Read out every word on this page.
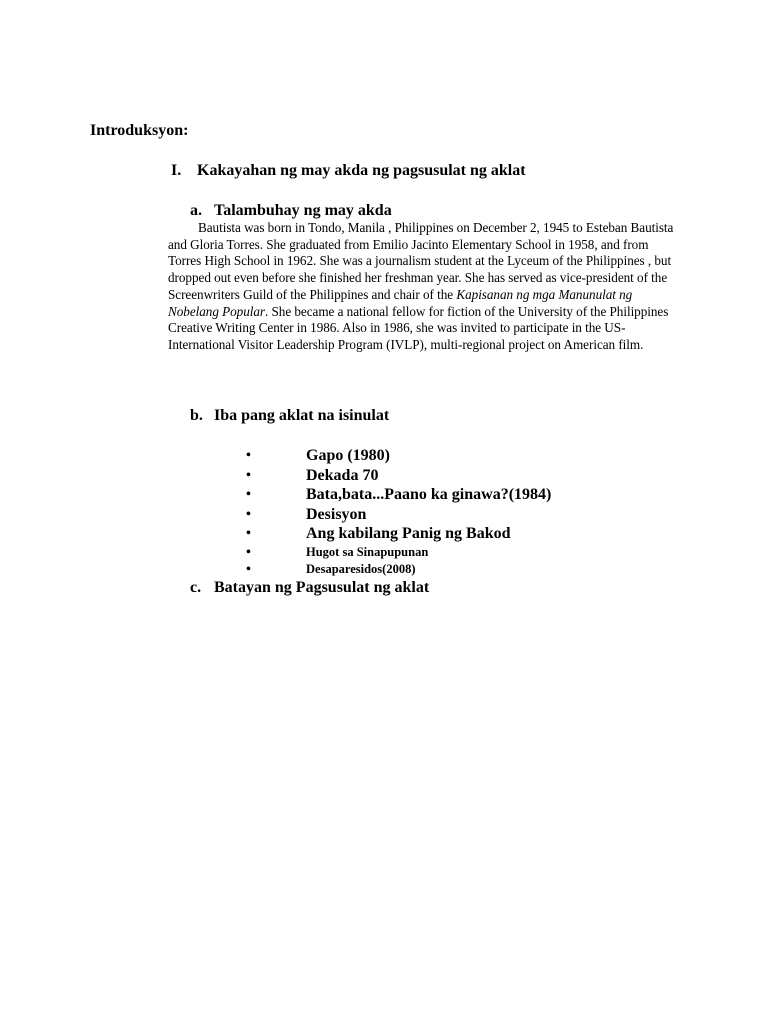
Introduksyon:
I. Kakayahan ng may akda ng pagsusulat ng aklat
a. Talambuhay ng may akda
Bautista was born in Tondo, Manila , Philippines on December 2, 1945 to Esteban Bautista and Gloria Torres. She graduated from Emilio Jacinto Elementary School in 1958, and from Torres High School in 1962. She was a journalism student at the Lyceum of the Philippines , but dropped out even before she finished her freshman year. She has served as vice-president of the Screenwriters Guild of the Philippines and chair of the Kapisanan ng mga Manunulat ng Nobelang Popular. She became a national fellow for fiction of the University of the Philippines Creative Writing Center in 1986. Also in 1986, she was invited to participate in the US- International Visitor Leadership Program (IVLP), multi-regional project on American film.
b. Iba pang aklat na isinulat
•	Gapo (1980)
•	Dekada 70
•	Bata,bata...Paano ka ginawa?(1984)
•	Desisyon
•	Ang kabilang Panig ng Bakod
•	Hugot sa Sinapupunan
•	Desaparesidos(2008)
c. Batayan ng Pagsusulat ng aklat
